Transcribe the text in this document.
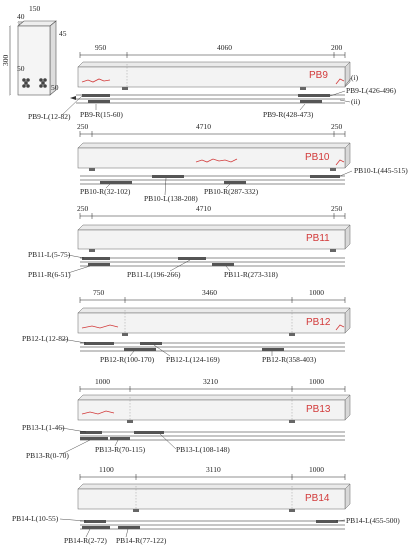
150
40
45
300
50
50
950	4060	200
PB9	(i)
PB9-L(426-496)
(ii)
PB9-L(12-82) PB9-R(15-60)	PB9-R(428-473)
250	4710	250
PB10
PB10-R(32-102)
PB10-L(138-208)
PB10-R(287-332)
PB10-L(445-515)
250	4710	250
PB11
PB11-L(5-75)
PB11-R(6-51)	PB11-L(196-266)	PB11-R(273-318)
750	3460	1000
PB12
PB12-L(12-82)
PB12-R(100-170) PB12-L(124-169)	PB12-R(358-403)
1000	3210	1000
PB13
PB13-L(1-46)
PB13-R(0-70)
PB13-R(70-115)	PB13-L(108-148)
1100	3110	1000
PB14
PB14-L(10-55)
PB14-R(2-72) PB14-R(77-122)
PB14-L(455-500)
